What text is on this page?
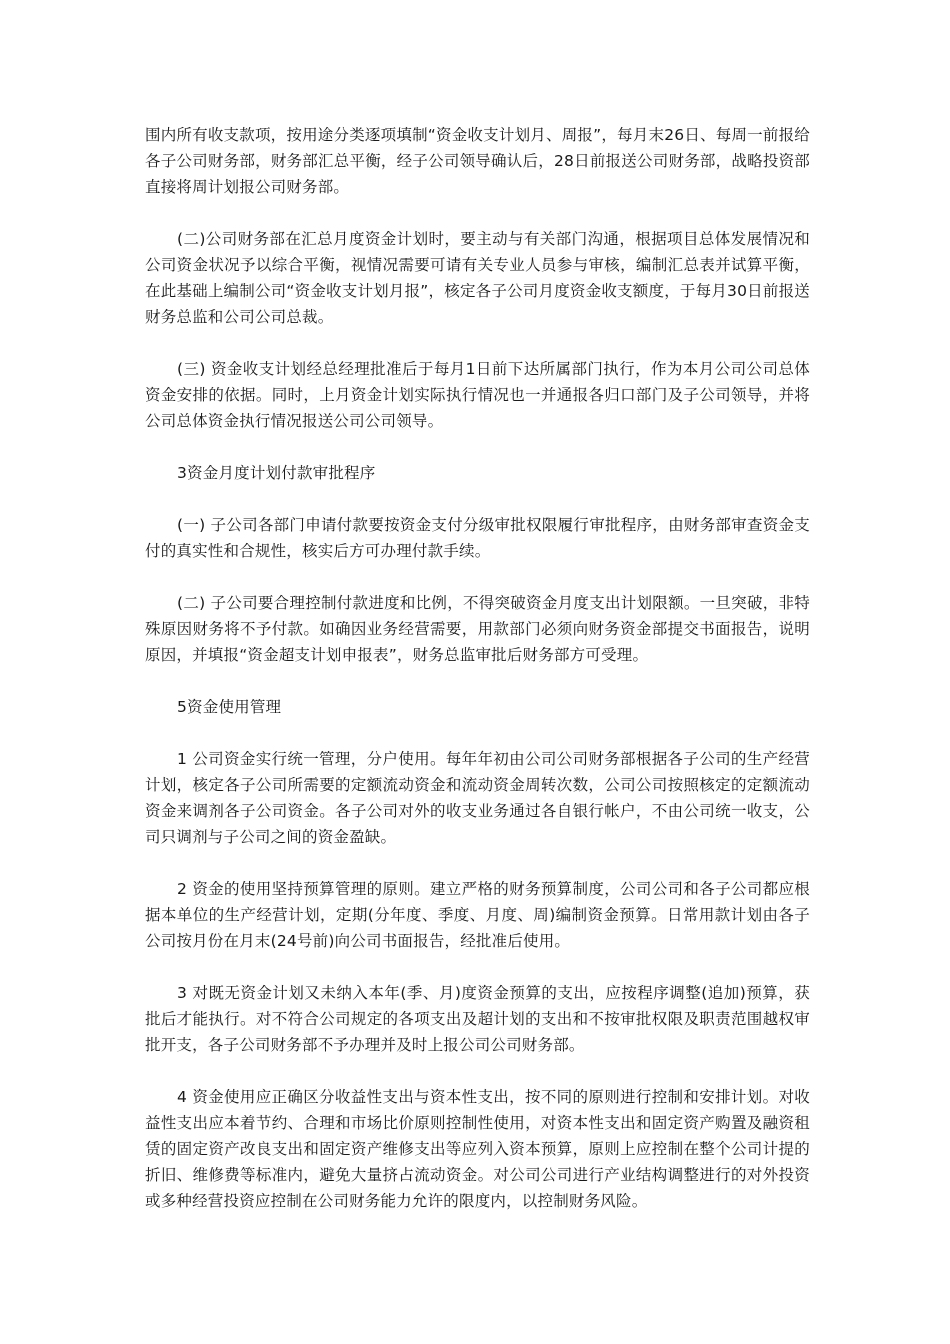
围内所有收支款项，按用途分类逐项填制“资金收支计划月、周报”，每月末26日、每周一前报给各子公司财务部，财务部汇总平衡，经子公司领导确认后，28日前报送公司财务部，战略投资部直接将周计划报公司财务部。

(二)公司财务部在汇总月度资金计划时，要主动与有关部门沟通，根据项目总体发展情况和公司资金状况予以综合平衡，视情况需要可请有关专业人员参与审核，编制汇总表并试算平衡，在此基础上编制公司“资金收支计划月报”，核定各子公司月度资金收支额度，于每月30日前报送财务总监和公司公司总裁。

(三) 资金收支计划经总经理批准后于每月1日前下达所属部门执行，作为本月公司公司总体资金安排的依据。同时，上月资金计划实际执行情况也一并通报各归口部门及子公司领导，并将公司总体资金执行情况报送公司公司领导。

3资金月度计划付款审批程序

(一) 子公司各部门申请付款要按资金支付分级审批权限履行审批程序，由财务部审查资金支付的真实性和合规性，核实后方可办理付款手续。

(二) 子公司要合理控制付款进度和比例，不得突破资金月度支出计划限额。一旦突破，非特殊原因财务将不予付款。如确因业务经营需要，用款部门必须向财务资金部提交书面报告，说明原因，并填报“资金超支计划申报表”，财务总监审批后财务部方可受理。

5资金使用管理

1 公司资金实行统一管理，分户使用。每年年初由公司公司财务部根据各子公司的生产经营计划，核定各子公司所需要的定额流动资金和流动资金周转次数，公司公司按照核定的定额流动资金来调剂各子公司资金。各子公司对外的收支业务通过各自银行帐户，不由公司统一收支，公司只调剂与子公司之间的资金盈缺。

2 资金的使用坚持预算管理的原则。建立严格的财务预算制度，公司公司和各子公司都应根据本单位的生产经营计划，定期(分年度、季度、月度、周)编制资金预算。日常用款计划由各子公司按月份在月末(24号前)向公司书面报告，经批准后使用。

3 对既无资金计划又未纳入本年(季、月)度资金预算的支出，应按程序调整(追加)预算，获批后才能执行。对不符合公司规定的各项支出及超计划的支出和不按审批权限及职责范围越权审批开支，各子公司财务部不予办理并及时上报公司公司财务部。

4 资金使用应正确区分收益性支出与资本性支出，按不同的原则进行控制和安排计划。对收益性支出应本着节约、合理和市场比价原则控制性使用，对资本性支出和固定资产购置及融资租赁的固定资产改良支出和固定资产维修支出等应列入资本预算，原则上应控制在整个公司计提的折旧、维修费等标准内，避免大量挤占流动资金。对公司公司进行产业结构调整进行的对外投资或多种经营投资应控制在公司财务能力允许的限度内，以控制财务风险。
